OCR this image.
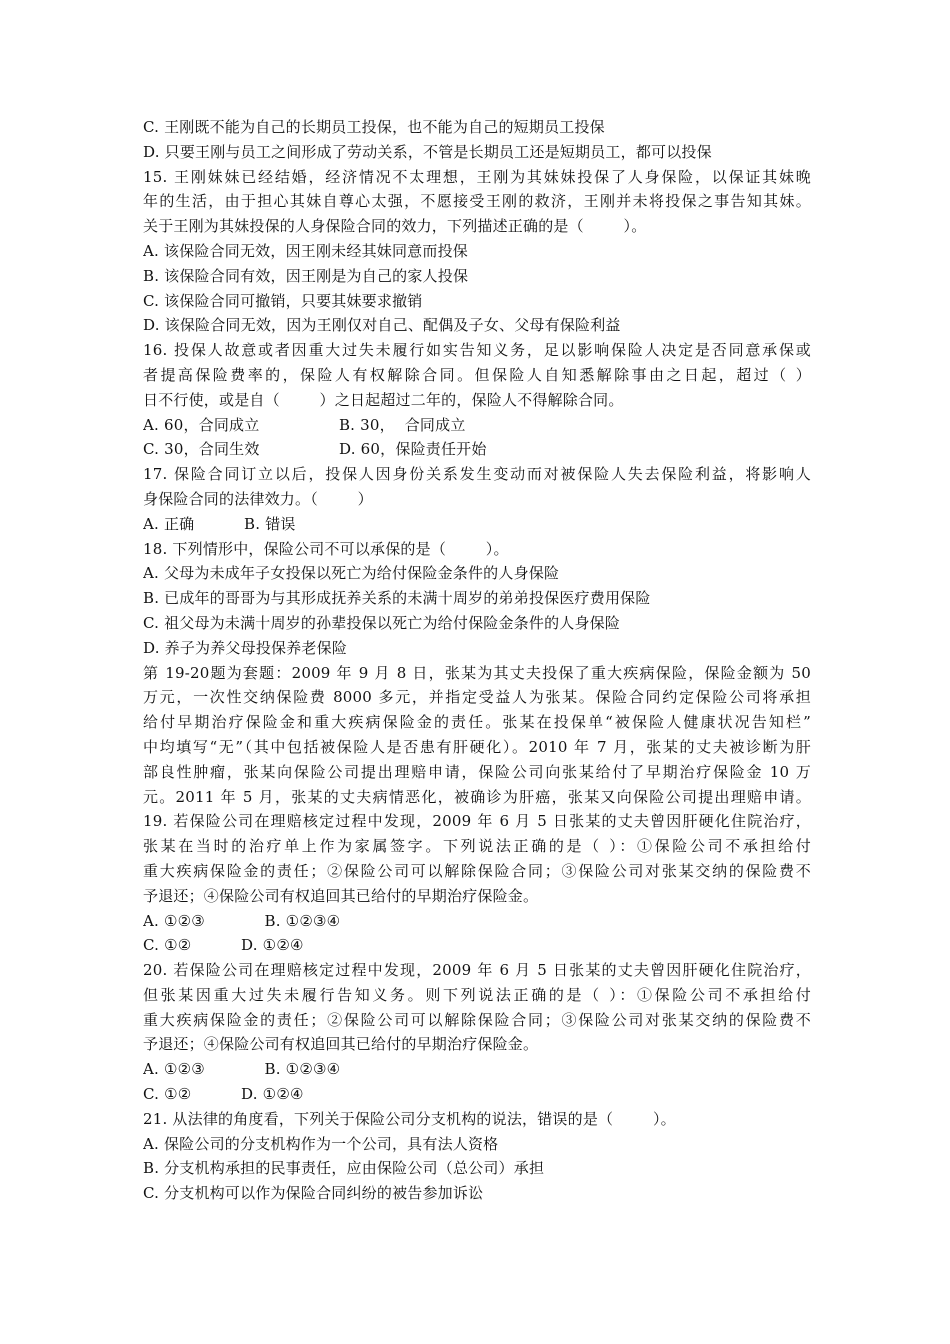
C. 王刚既不能为自己的长期员工投保，也不能为自己的短期员工投保
D. 只要王刚与员工之间形成了劳动关系，不管是长期员工还是短期员工，都可以投保
15. 王刚妹妹已经结婚，经济情况不太理想，王刚为其妹妹投保了人身保险，以保证其妹晚
年的生活，由于担心其妹自尊心太强，不愿接受王刚的救济，王刚并未将投保之事告知其妹。
关于王刚为其妹投保的人身保险合同的效力，下列描述正确的是（        ）。
A. 该保险合同无效，因王刚未经其妹同意而投保
B. 该保险合同有效，因王刚是为自己的家人投保
C. 该保险合同可撤销，只要其妹要求撤销
D. 该保险合同无效，因为王刚仅对自己、配偶及子女、父母有保险利益
16. 投保人故意或者因重大过失未履行如实告知义务，足以影响保险人决定是否同意承保或
者提高保险费率的，保险人有权解除合同。但保险人自知悉解除事由之日起，超过（ ）
日不行使，或是自（        ）之日起超过二年的，保险人不得解除合同。
A. 60，合同成立                B. 30，  合同成立
C. 30，合同生效                D. 60，保险责任开始
17. 保险合同订立以后，投保人因身份关系发生变动而对被保险人失去保险利益，将影响人
身保险合同的法律效力。（        ）
A. 正确          B. 错误
18. 下列情形中，保险公司不可以承保的是（        ）。
A. 父母为未成年子女投保以死亡为给付保险金条件的人身保险
B. 已成年的哥哥为与其形成抚养关系的未满十周岁的弟弟投保医疗费用保险
C. 祖父母为未满十周岁的孙辈投保以死亡为给付保险金条件的人身保险
D. 养子为养父母投保养老保险
第 19-20题为套题：2009 年 9 月 8 日，张某为其丈夫投保了重大疾病保险，保险金额为 50
万元，一次性交纳保险费 8000 多元，并指定受益人为张某。保险合同约定保险公司将承担
给付早期治疗保险金和重大疾病保险金的责任。张某在投保单“被保险人健康状况告知栏”
中均填写“无”（其中包括被保险人是否患有肝硬化）。2010 年 7 月，张某的丈夫被诊断为肝
部良性肿瘤，张某向保险公司提出理赔申请，保险公司向张某给付了早期治疗保险金 10 万
元。2011 年 5 月，张某的丈夫病情恶化，被确诊为肝癌，张某又向保险公司提出理赔申请。
19. 若保险公司在理赔核定过程中发现，2009 年 6 月 5 日张某的丈夫曾因肝硬化住院治疗，
张某在当时的治疗单上作为家属签字。下列说法正确的是（ ）：①保险公司不承担给付
重大疾病保险金的责任；②保险公司可以解除保险合同；③保险公司对张某交纳的保险费不
予退还；④保险公司有权追回其已给付的早期治疗保险金。
A. ①②③            B. ①②③④
C. ①②          D. ①②④
20. 若保险公司在理赔核定过程中发现，2009 年 6 月 5 日张某的丈夫曾因肝硬化住院治疗，
但张某因重大过失未履行告知义务。则下列说法正确的是（ ）：①保险公司不承担给付
重大疾病保险金的责任；②保险公司可以解除保险合同；③保险公司对张某交纳的保险费不
予退还；④保险公司有权追回其已给付的早期治疗保险金。
A. ①②③            B. ①②③④
C. ①②          D. ①②④
21. 从法律的角度看，下列关于保险公司分支机构的说法，错误的是（        ）。
A. 保险公司的分支机构作为一个公司，具有法人资格
B. 分支机构承担的民事责任，应由保险公司（总公司）承担
C. 分支机构可以作为保险合同纠纷的被告参加诉讼
